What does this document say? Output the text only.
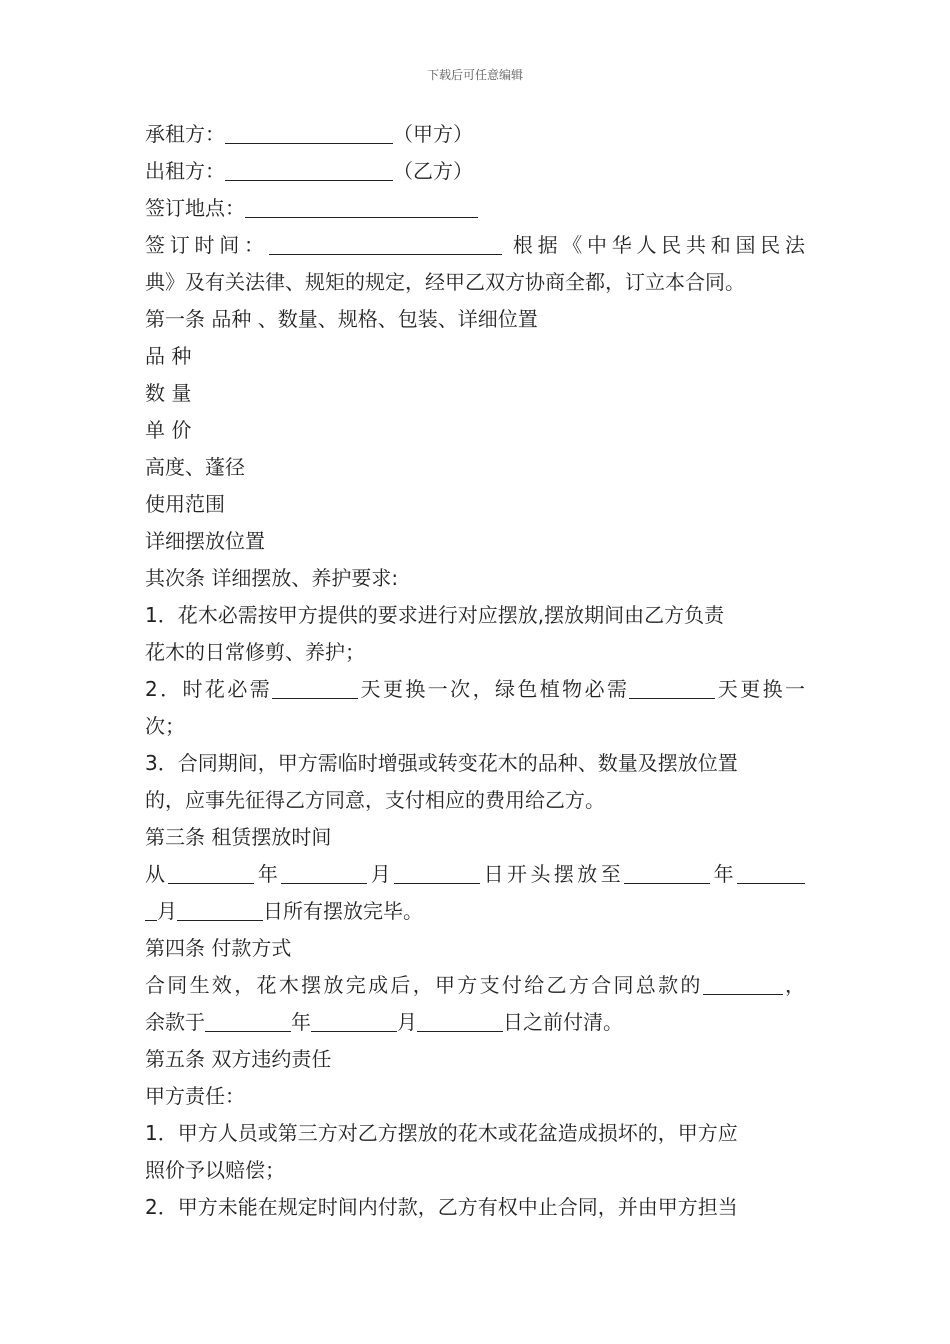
下载后可任意编辑
承租方：	（甲方）
出租方：	（乙方）
签订地点：
签订时间：	根据《中华人民共和国民法
典》及有关法律、规矩的规定，经甲乙双方协商全都，订立本合同。
第一条 品种 、数量、规格、包装、详细位置
品 种
数 量
单 价
高度、蓬径
使用范围
详细摆放位置
其次条 详细摆放、养护要求:
1．花木必需按甲方提供的要求进行对应摆放,摆放期间由乙方负责
花木的日常修剪、养护；
2．时花必需	天更换一次，绿色植物必需	天更换一
次；
3．合同期间，甲方需临时增强或转变花木的品种、数量及摆放位置
的，应事先征得乙方同意，支付相应的费用给乙方。
第三条 租赁摆放时间
从	年	月	日开头摆放至	年
月	日所有摆放完毕。
第四条 付款方式
合同生效，花木摆放完成后，甲方支付给乙方合同总款的	，
余款于	年	月	日之前付清。
第五条 双方违约责任
甲方责任：
1．甲方人员或第三方对乙方摆放的花木或花盆造成损坏的，甲方应
照价予以赔偿；
2．甲方未能在规定时间内付款，乙方有权中止合同，并由甲方担当
